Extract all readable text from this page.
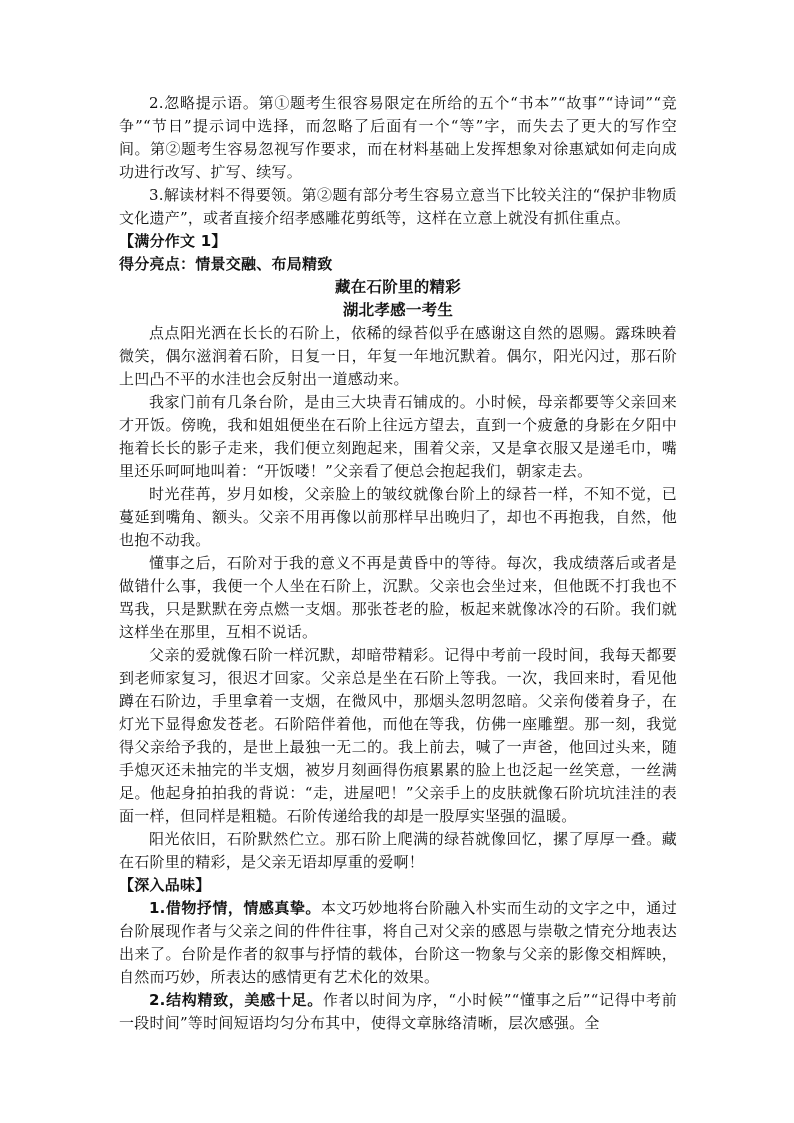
2.忽略提示语。第①题考生很容易限定在所给的五个“书本”“故事”“诗词”“竞争”“节日”提示词中选择，而忽略了后面有一个“等”字，而失去了更大的写作空间。第②题考生容易忽视写作要求，而在材料基础上发挥想象对徐惠斌如何走向成功进行改写、扩写、续写。

3.解读材料不得要领。第②题有部分考生容易立意当下比较关注的“保护非物质文化遗产”，或者直接介绍孝感雕花剪纸等，这样在立意上就没有抓住重点。

【满分作文 1】

得分亮点：情景交融、布局精致

藏在石阶里的精彩

湖北孝感一考生

点点阳光洒在长长的石阶上，依稀的绿苔似乎在感谢这自然的恩赐。露珠映着微笑，偶尔滋润着石阶，日复一日，年复一年地沉默着。偶尔，阳光闪过，那石阶上凹凸不平的水洼也会反射出一道感动来。

我家门前有几条台阶，是由三大块青石铺成的。小时候，母亲都要等父亲回来才开饭。傍晚，我和姐姐便坐在石阶上往远方望去，直到一个疲惫的身影在夕阳中拖着长长的影子走来，我们便立刻跑起来，围着父亲，又是拿衣服又是递毛巾，嘴里还乐呵呵地叫着：“开饭喽！”父亲看了便总会抱起我们，朝家走去。

时光荏苒，岁月如梭，父亲脸上的皱纹就像台阶上的绿苔一样，不知不觉，已蔓延到嘴角、额头。父亲不用再像以前那样早出晚归了，却也不再抱我，自然，他也抱不动我。

懂事之后，石阶对于我的意义不再是黄昏中的等待。每次，我成绩落后或者是做错什么事，我便一个人坐在石阶上，沉默。父亲也会坐过来，但他既不打我也不骂我，只是默默在旁点燃一支烟。那张苍老的脸，板起来就像冰冷的石阶。我们就这样坐在那里，互相不说话。

父亲的爱就像石阶一样沉默，却暗带精彩。记得中考前一段时间，我每天都要到老师家复习，很迟才回家。父亲总是坐在石阶上等我。一次，我回来时，看见他蹲在石阶边，手里拿着一支烟，在微风中，那烟头忽明忽暗。父亲佝偻着身子，在灯光下显得愈发苍老。石阶陪伴着他，而他在等我，仿佛一座雕塑。那一刻，我觉得父亲给予我的，是世上最独一无二的。我上前去，喊了一声爸，他回过头来，随手熄灭还未抽完的半支烟，被岁月刻画得伤痕累累的脸上也泛起一丝笑意，一丝满足。他起身拍拍我的背说：“走，进屋吧！”父亲手上的皮肤就像石阶坑坑洼洼的表面一样，但同样是粗糙。石阶传递给我的却是一股厚实坚强的温暖。

阳光依旧，石阶默然伫立。那石阶上爬满的绿苔就像回忆，摞了厚厚一叠。藏在石阶里的精彩，是父亲无语却厚重的爱啊！

【深入品味】

1.借物抒情，情感真挚。本文巧妙地将台阶融入朴实而生动的文字之中，通过台阶展现作者与父亲之间的件件往事，将自己对父亲的感恩与崇敬之情充分地表达出来了。台阶是作者的叙事与抒情的载体，台阶这一物象与父亲的影像交相辉映，自然而巧妙，所表达的感情更有艺术化的效果。

2.结构精致，美感十足。作者以时间为序，“小时候”“懂事之后”“记得中考前一段时间”等时间短语均匀分布其中，使得文章脉络清晰，层次感强。全
